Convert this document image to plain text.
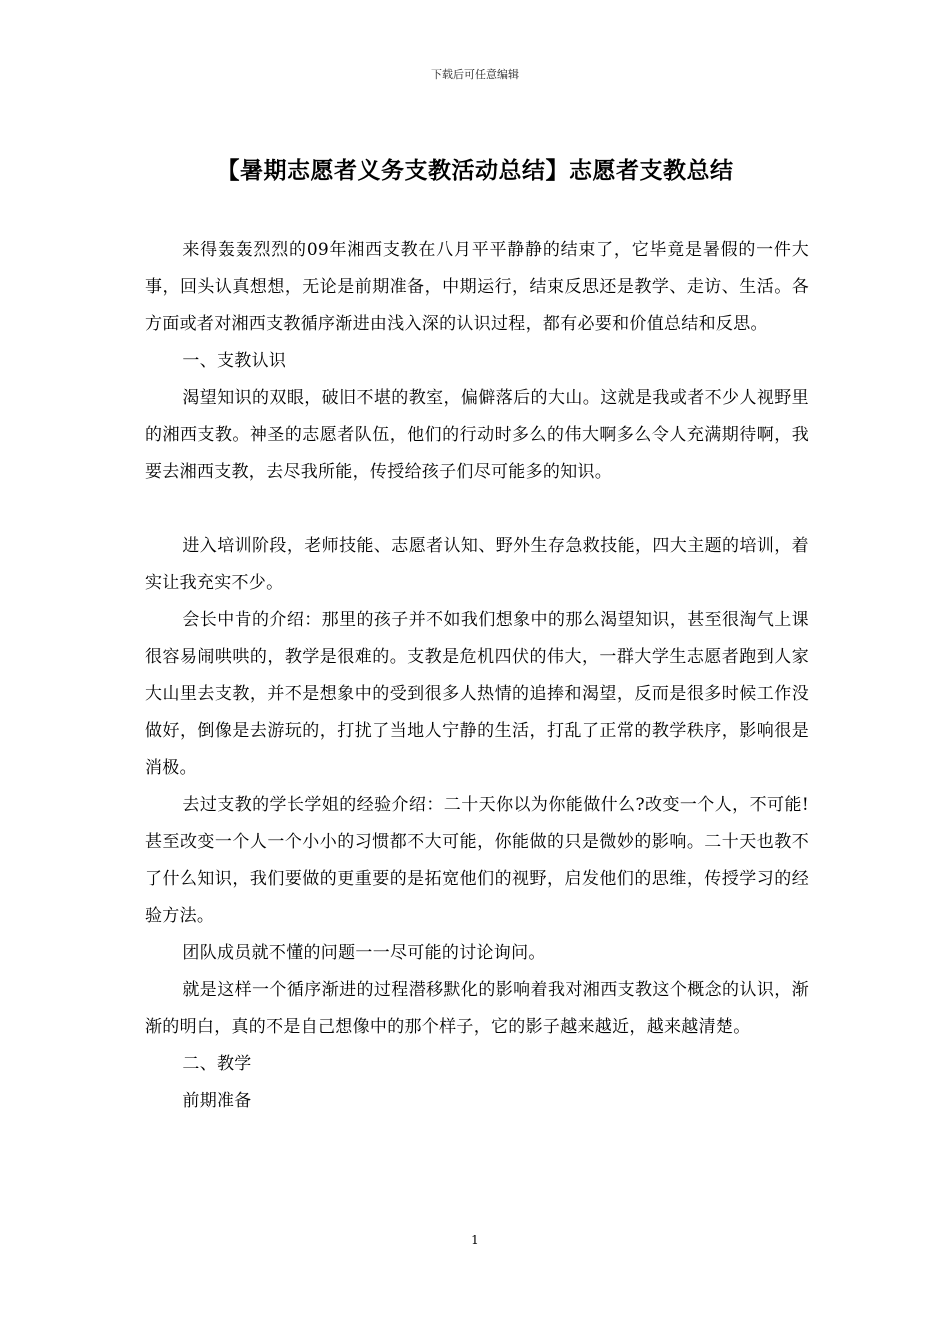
下载后可任意编辑
【暑期志愿者义务支教活动总结】志愿者支教总结

来得轰轰烈烈的09年湘西支教在八月平平静静的结束了，它毕竟是暑假的一件大事，回头认真想想，无论是前期准备，中期运行，结束反思还是教学、走访、生活。各方面或者对湘西支教循序渐进由浅入深的认识过程，都有必要和价值总结和反思。

一、支教认识

渴望知识的双眼，破旧不堪的教室，偏僻落后的大山。这就是我或者不少人视野里的湘西支教。神圣的志愿者队伍，他们的行动时多么的伟大啊多么令人充满期待啊，我要去湘西支教，去尽我所能，传授给孩子们尽可能多的知识。

进入培训阶段，老师技能、志愿者认知、野外生存急救技能，四大主题的培训，着实让我充实不少。

会长中肯的介绍：那里的孩子并不如我们想象中的那么渴望知识，甚至很淘气上课很容易闹哄哄的，教学是很难的。支教是危机四伏的伟大，一群大学生志愿者跑到人家大山里去支教，并不是想象中的受到很多人热情的追捧和渴望，反而是很多时候工作没做好，倒像是去游玩的，打扰了当地人宁静的生活，打乱了正常的教学秩序，影响很是消极。

去过支教的学长学姐的经验介绍：二十天你以为你能做什么?改变一个人，不可能!甚至改变一个人一个小小的习惯都不大可能，你能做的只是微妙的影响。二十天也教不了什么知识，我们要做的更重要的是拓宽他们的视野，启发他们的思维，传授学习的经验方法。

团队成员就不懂的问题一一尽可能的讨论询问。

就是这样一个循序渐进的过程潜移默化的影响着我对湘西支教这个概念的认识，渐渐的明白，真的不是自己想像中的那个样子，它的影子越来越近，越来越清楚。

二、教学

前期准备

1
